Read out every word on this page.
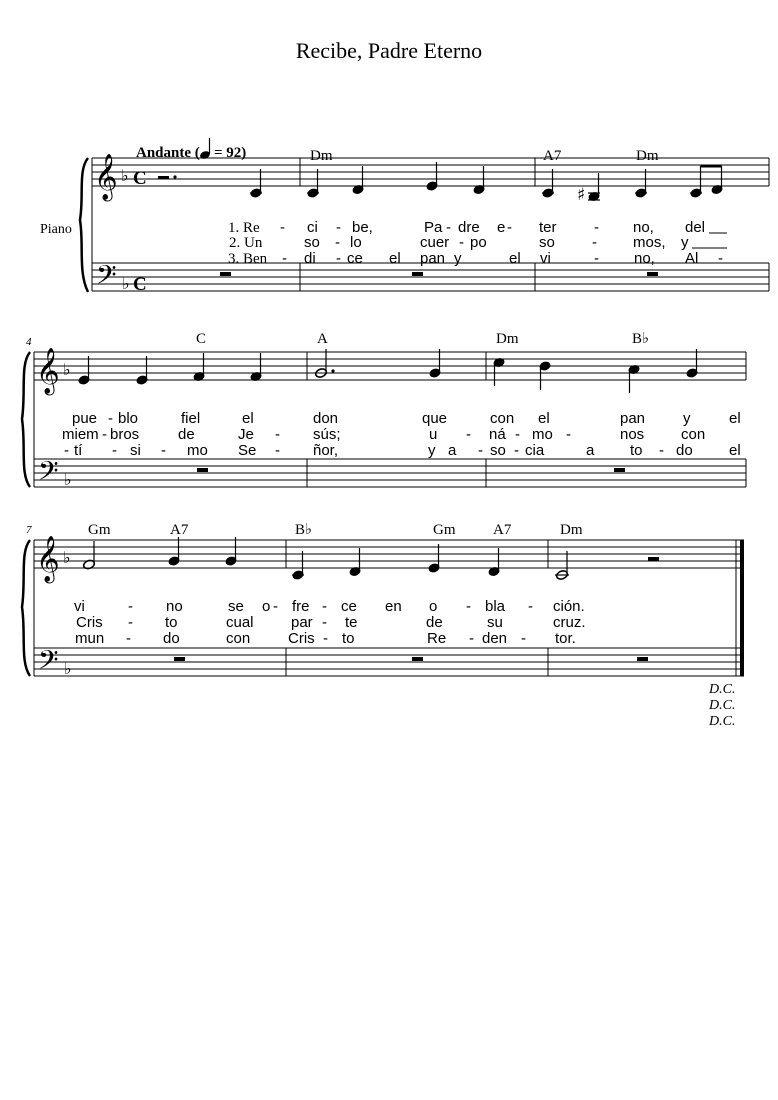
Recibe, Padre Eterno
Piano
𝄞
𝄢
♭
♭
C
C
Andante ( = 92)	Dm	A7	Dm
♯
1. Re
2. Un
3. Ben
- ci - be,	Pa - dre e - ter - no, del
so - lo	cuer - po	so - mos, y
- di - ce el pan y	el vi	- no, Al -
4
𝄞
𝄢
♭
♭
C	A	Dm	B♭
pue - blo	fiel	el	don	que	con el	pan	y	el
miem - bros	de	Je - sús;	u - ná - mo -	nos con
- tí - si - mo Se - ñor,	y a - so - cia	a to - do el
7
𝄞
𝄢
♭
♭
Gm	A7	B♭	Gm	A7	Dm
vi	- no	se o - fre - ce en o - bla - ción.
Cris - to	cual par - te	de	su	cruz.
mun - do	con	Cris - to	Re - den - tor.
D.C.
D.C.
D.C.
